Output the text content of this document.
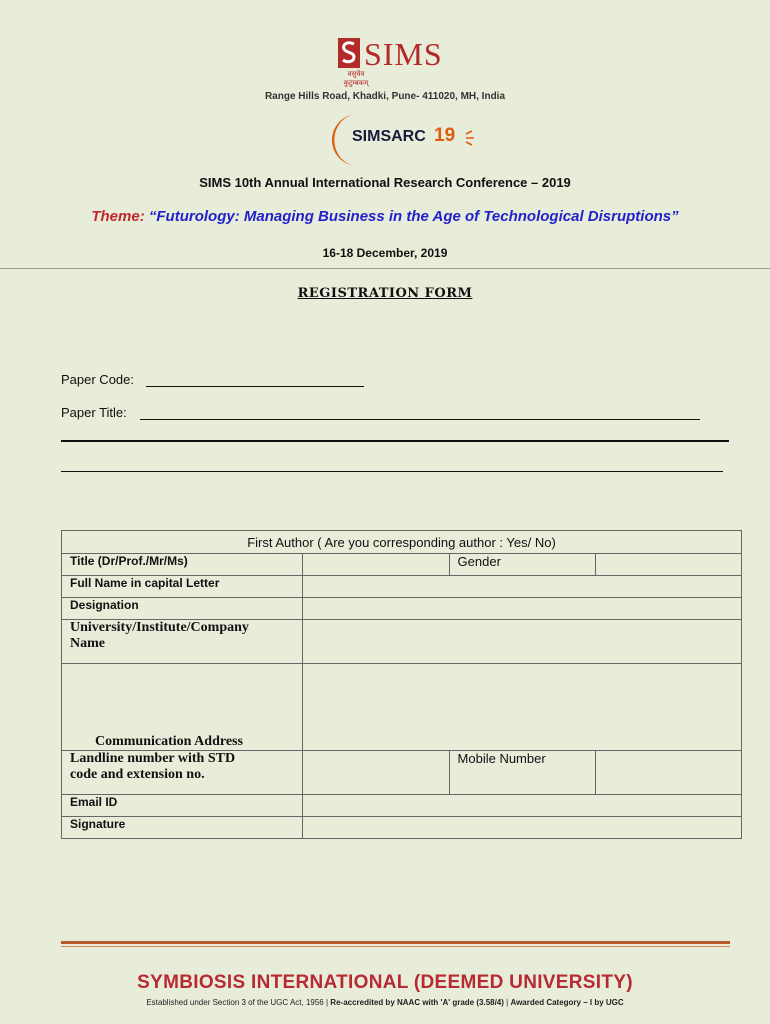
SIMS
वसुधैव कुटुम्बकम्
Range Hills Road, Khadki, Pune- 411020, MH, India
SIMSARC 19
SIMS 10th Annual International Research Conference – 2019
Theme: “Futurology: Managing Business in the Age of Technological Disruptions”
16-18 December, 2019
REGISTRATION FORM
Paper Code:
Paper Title:
First Author ( Are you corresponding author : Yes/ No)			
Title (Dr/Prof./Mr/Ms)		Gender	
Full Name in capital Letter			
Designation			

University/Institute/Company
Name			

Communication Address			

Landline number with STD
code and extension no.		Mobile Number	
Email ID			
Signature			
SYMBIOSIS INTERNATIONAL (DEEMED UNIVERSITY)
Established under Section 3 of the UGC Act, 1956 | Re-accredited by NAAC with 'A' grade (3.58/4) | Awarded Category – I by UGC
